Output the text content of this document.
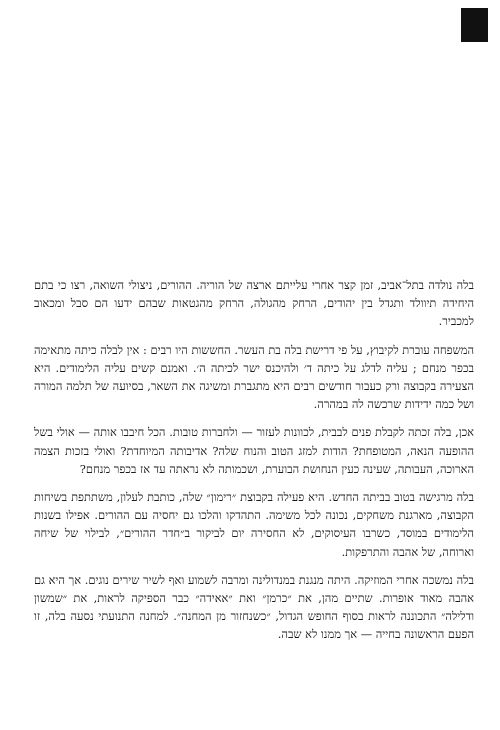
בלה נולדה בתל־אביב, זמן קצר אחרי עלייתם ארצה של הוריה. ההורים, ניצולי השואה, רצו כי בתם היחידה תיוולד ותגדל בין יהודים, הרחק מהגולה, הרחק מהגטאות שבהם ידעו הם סבל ומכאוב למכביר.

המשפחה עוברת לקיבוץ, על פי דרישת בלה בת העשר. החששות היו רבים : אין לבלה כיתה מתאימה בכפר מנחם ; עליה לדלג על כיתה ד׳ ולהיכנס ישר לכיתה ה׳. ואמנם קשים עליה הלימודים. היא הצעירה בקבוצה ורק כעבור חודשים רבים היא מתגברת ומשיגה את השאר, בסיועה של תלמה המורה ושל כמה ידידות שרכשה לה במהרה.

אכן, בלה זכתה לקבלת פנים לבבית, לכוונות לעזור — ולחברות טובות. הכל חיבבו אותה — אולי בשל ההופעה הנאה, המטופחת? הודות למזג הטוב והנוח שלה? אדיבותה המיוחדת? ואולי בזכות הצמה הארוכה, העבותה, שעינה כעין הנחושת הבוערת, ושכמותה לא נראתה עד אז בכפר מנחם?

בלה מרגישה בטוב בביתה החדש. היא פעילה בקבוצת ״רימון״ שלה, כותבת לעלון, משתתפת בשיחות הקבוצה, מארגנת משחקים, נכונה לכל משימה. התהדקו והלכו גם יחסיה עם ההורים. אפילו בשנות הלימודים במוסד, כשרבו העיסוקים, לא החסירה יום לביקור ב״חדר ההורים״, לבילוי של שיחה וארוחה, של אהבה והתרפקות.

בלה נמשכה אחרי המוזיקה. היתה מנגנת במנדולינה ומרבה לשמוע ואף לשיר שירים נוגים. אך היא גם אהבה מאוד אופרות. שתיים מהן, את ״כרמן״ ואת ״אאידה״ כבר הספיקה לראות, את ״שמשון ודלילה״ התכוננה לראות בסוף החופש הגדול, ״כשנחזור מן המחנה״. למחנה התנועתי נסעה בלה, זו הפעם הראשונה בחייה — אך ממנו לא שבה.
